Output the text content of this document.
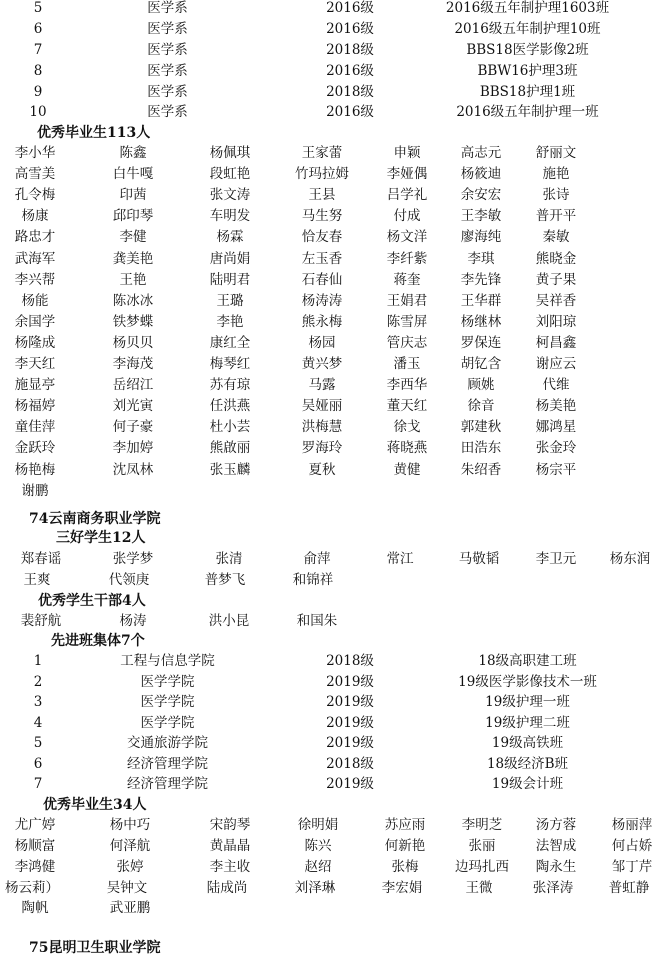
5	医学系	2016级	2016级五年制护理1603班
6	医学系	2016级	2016级五年制护理10班
7	医学系	2018级	BBS18医学影像2班
8	医学系	2016级	BBW16护理3班
9	医学系	2018级	BBS18护理1班
10	医学系	2016级	2016级五年制护理一班
优秀毕业生113人
李小华	陈鑫	杨佩琪	王家蕾	申颖	高志元	舒丽文
高雪美	白牛嘎	段虹艳	竹玛拉姆	李娅偶	杨筱迪	施艳
孔令梅	印茜	张文涛	王县	吕学礼	余安宏	张诗
杨康	邱印琴	车明发	马生努	付成	王李敏	普开平
路忠才	李健	杨霖	恰友春	杨文洋	廖海纯	秦敏
武海军	龚美艳	唐尚娟	左玉香	李纤紫	李琪	熊晓金
李兴帮	王艳	陆明君	石春仙	蒋奎	李先锋	黄子果
杨能	陈冰冰	王璐	杨涛涛	王娟君	王华群	吴祥香
余国学	铁梦蝶	李艳	熊永梅	陈雪屏	杨继林	刘阳琼
杨隆成	杨贝贝	康红全	杨园	管庆志	罗保连	柯昌鑫
李天红	李海茂	梅琴红	黄兴梦	潘玉	胡钇含	谢应云
施显亭	岳绍江	苏有琼	马露	李西华	顾姚	代维
杨福婷	刘光寅	任洪燕	吴娅丽	董天红	徐音	杨美艳
童佳萍	何子豪	杜小芸	洪梅慧	徐戈	郭建秋	娜鸿星
金跃玲	李加婷	熊啟丽	罗海玲	蒋晓燕	田浩东	张金玲
杨艳梅	沈凤林	张玉麟	夏秋	黄健	朱绍香	杨宗平
谢鹏
74云南商务职业学院
三好学生12人
郑春谣	张学梦	张清	俞萍	常江	马敬韬	李卫元	杨东润
王爽	代领庚	普梦飞	和锦祥
优秀学生干部4人
裴舒航	杨涛	洪小昆	和国朱
先进班集体7个
1	工程与信息学院	2018级	18级高职建工班
2	医学学院	2019级	19级医学影像技术一班
3	医学学院	2019级	19级护理一班
4	医学学院	2019级	19级护理二班
5	交通旅游学院	2019级	19级高铁班
6	经济管理学院	2018级	18级经济B班
7	经济管理学院	2019级	19级会计班
优秀毕业生34人
尤广婷	杨中巧	宋韵琴	徐明娟	苏应雨	李明芝	汤方蓉	杨丽萍
杨顺富	何泽航	黄晶晶	陈兴	何新艳	张丽	法智成	何占娇
李鸿健	张婷	李主收	赵绍	张梅	边玛扎西	陶永生	邹丁芹
杨云莉）	吴钟文	陆成尚	刘泽琳	李宏娟	王微	张泽涛	普虹静
陶帆	武亚鹏
75昆明卫生职业学院
